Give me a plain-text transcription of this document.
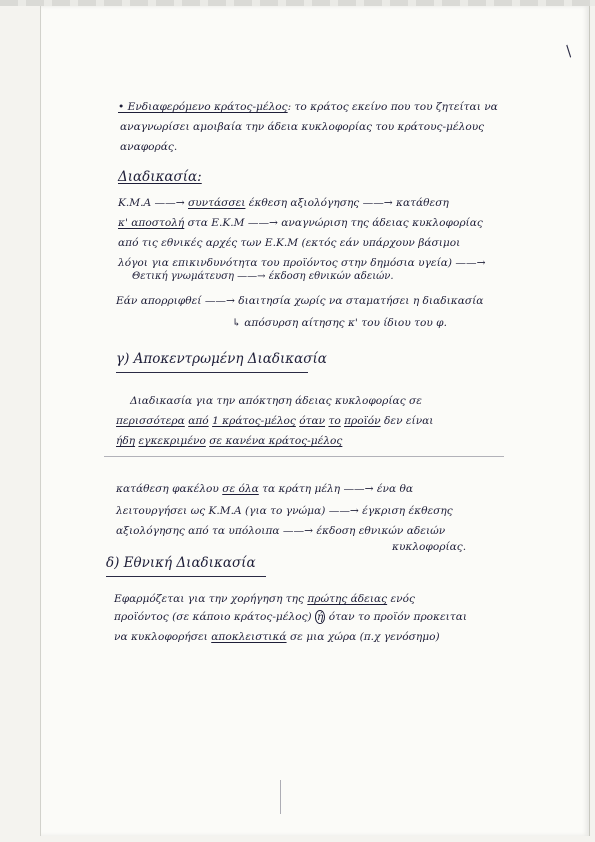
/
• Ενδιαφερόμενο κράτος-μέλος: το κράτος εκείνο που του ζητείται να
αναγνωρίσει αμοιβαία την άδεια κυκλοφορίας του κράτους-μέλους
αναφοράς.
Διαδικασία:
Κ.Μ.Α ——→ συντάσσει έκθεση αξιολόγησης ——→ κατάθεση
κ' αποστολή στα Ε.Κ.Μ ——→ αναγνώριση της άδειας κυκλοφορίας
από τις εθνικές αρχές των Ε.Κ.Μ (εκτός εάν υπάρχουν βάσιμοι
λόγοι για επικινδυνότητα του προϊόντος στην δημόσια υγεία) ——→
Θετική γνωμάτευση ——→ έκδοση εθνικών αδειών.
Εάν απορριφθεί ——→ διαιτησία χωρίς να σταματήσει η διαδικασία
↳ απόσυρση αίτησης κ' του ίδιου του φ.
γ) Αποκεντρωμένη Διαδικασία
Διαδικασία για την απόκτηση άδειας κυκλοφορίας σε
περισσότερα από 1 κράτος-μέλος όταν το προϊόν δεν είναι
ήδη εγκεκριμένο σε κανένα κράτος-μέλος
κατάθεση φακέλου σε όλα τα κράτη μέλη ——→ ένα θα
λειτουργήσει ως Κ.Μ.Α (για το γνώμα) ——→ έγκριση έκθεσης
αξιολόγησης από τα υπόλοιπα ——→ έκδοση εθνικών αδειών
κυκλοφορίας.
δ) Εθνική Διαδικασία
Εφαρμόζεται για την χορήγηση της πρώτης άδειας ενός
προϊόντος (σε κάποιο κράτος-μέλος) ή όταν το προϊόν προκειται
να κυκλοφορήσει αποκλειστικά σε μια χώρα (π.χ γενόσημο)
